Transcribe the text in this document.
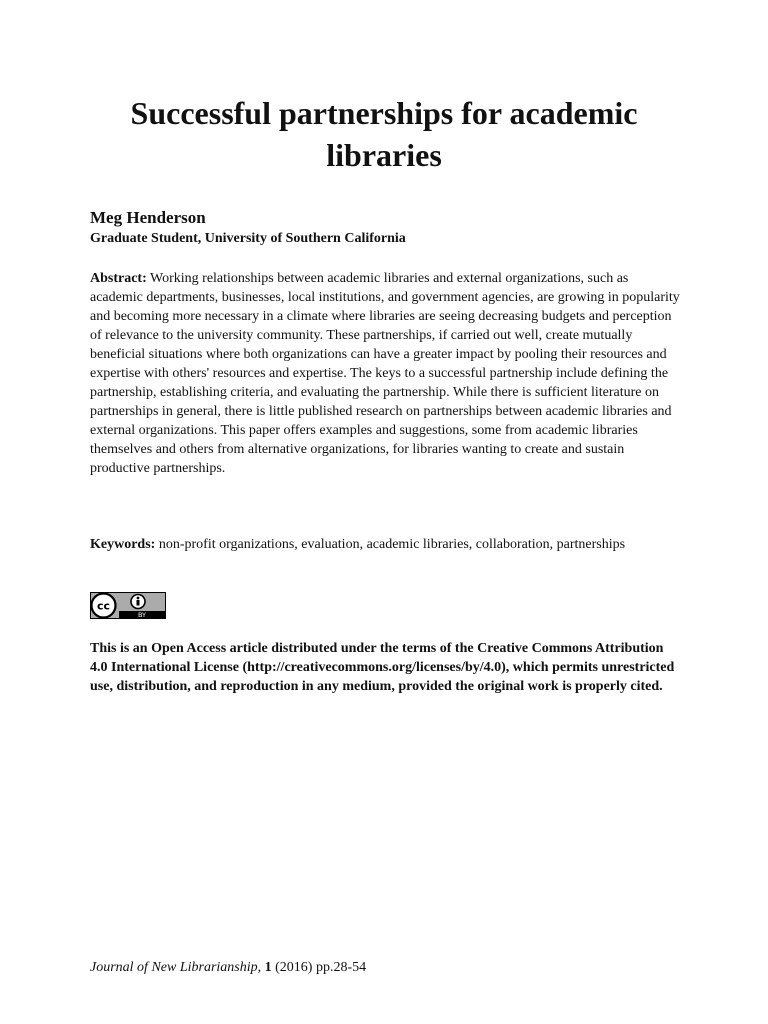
Successful partnerships for academic libraries

Meg Henderson

Graduate Student, University of Southern California

Abstract: Working relationships between academic libraries and external organizations, such as academic departments, businesses, local institutions, and government agencies, are growing in popularity and becoming more necessary in a climate where libraries are seeing decreasing budgets and perception of relevance to the university community. These partnerships, if carried out well, create mutually beneficial situations where both organizations can have a greater impact by pooling their resources and expertise with others' resources and expertise. The keys to a successful partnership include defining the partnership, establishing criteria, and evaluating the partnership. While there is sufficient literature on partnerships in general, there is little published research on partnerships between academic libraries and external organizations. This paper offers examples and suggestions, some from academic libraries themselves and others from alternative organizations, for libraries wanting to create and sustain productive partnerships.

Keywords: non-profit organizations, evaluation, academic libraries, collaboration, partnerships

cc
BY

This is an Open Access article distributed under the terms of the Creative Commons Attribution 4.0 International License (http://creativecommons.org/licenses/by/4.0), which permits unrestricted use, distribution, and reproduction in any medium, provided the original work is properly cited.

Journal of New Librarianship, 1 (2016) pp.28-54
